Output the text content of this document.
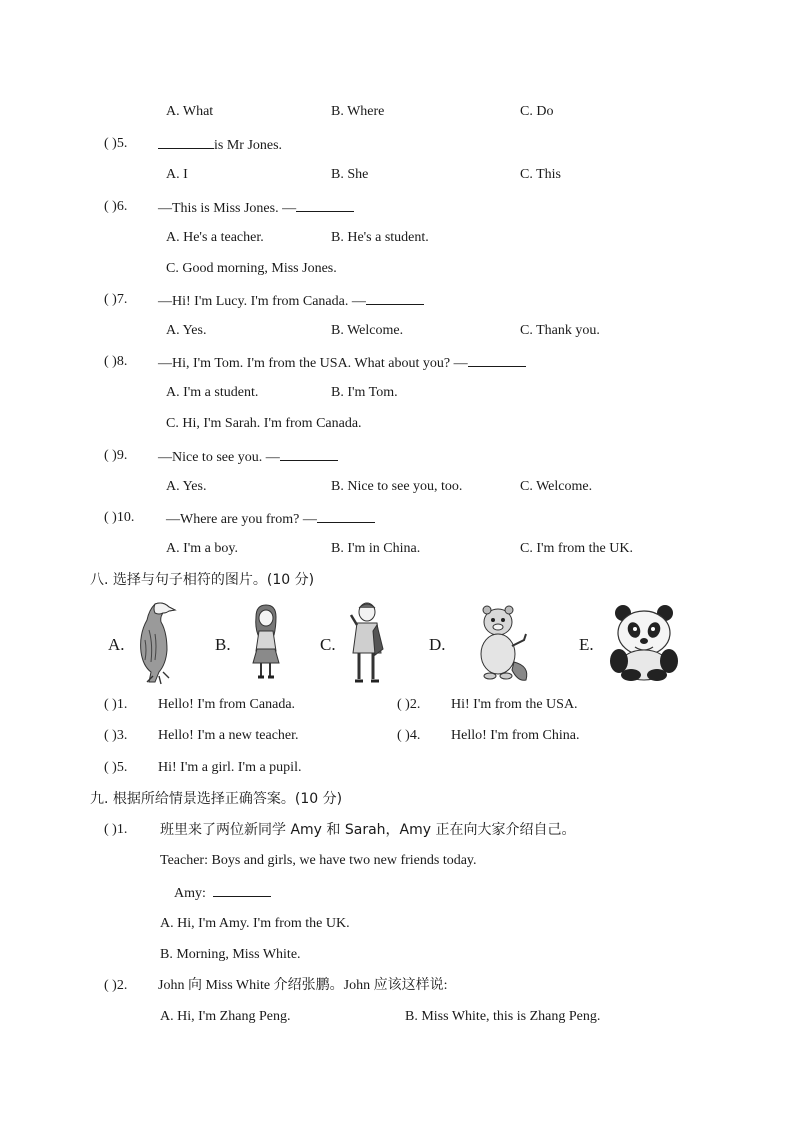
A. What	B. Where	C. Do
( )5.	is Mr Jones.
A. I	B. She	C. This
( )6. —This is Miss Jones. —
A. He's a teacher.	B. He's a student.
C. Good morning, Miss Jones.
( )7. —Hi! I'm Lucy. I'm from Canada. —
A. Yes.	B. Welcome.	C. Thank you.
( )8. —Hi, I'm Tom. I'm from the USA. What about you? —
A. I'm a student.	B. I'm Tom.
C. Hi, I'm Sarah. I'm from Canada.
( )9. —Nice to see you. —
A. Yes.	B. Nice to see you, too.	C. Welcome.
( )10. —Where are you from? —
A. I'm a boy.	B. I'm in China.	C. I'm from the UK.
八. 选择与句子相符的图片。(10 分)
A.	B.	C.	D.	E.
( )1. Hello! I'm from Canada.	( )2. Hi! I'm from the USA.
( )3. Hello! I'm a new teacher.	( )4. Hello! I'm from China.
( )5. Hi! I'm a girl. I'm a pupil.
九. 根据所给情景选择正确答案。(10 分)
( )1. 班里来了两位新同学 Amy 和 Sarah，Amy 正在向大家介绍自己。
Teacher: Boys and girls, we have two new friends today.
Amy:
A. Hi, I'm Amy. I'm from the UK.
B. Morning, Miss White.
( )2. John 向 Miss White 介绍张鹏。John 应该这样说:
A. Hi, I'm Zhang Peng.	B. Miss White, this is Zhang Peng.
